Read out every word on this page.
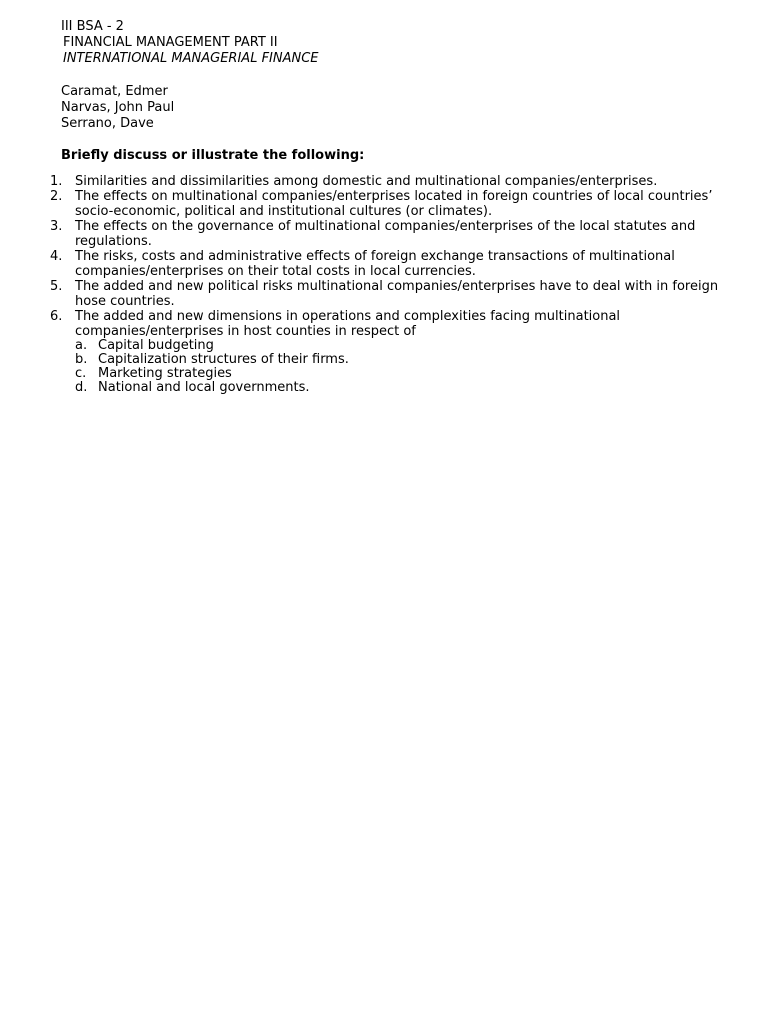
III BSA - 2
FINANCIAL MANAGEMENT PART II
INTERNATIONAL MANAGERIAL FINANCE
Caramat, Edmer
Narvas, John Paul
Serrano, Dave
Briefly discuss or illustrate the following:
1. Similarities and dissimilarities among domestic and multinational companies/enterprises.
2. The effects on multinational companies/enterprises located in foreign countries of local countries’ socio-economic, political and institutional cultures (or climates).
3. The effects on the governance of multinational companies/enterprises of the local statutes and regulations.
4. The risks, costs and administrative effects of foreign exchange transactions of multinational companies/enterprises on their total costs in local currencies.
5. The added and new political risks multinational companies/enterprises have to deal with in foreign hose countries.
6. The added and new dimensions in operations and complexities facing multinational companies/enterprises in host counties in respect of
a. Capital budgeting
b. Capitalization structures of their firms.
c. Marketing strategies
d. National and local governments.
